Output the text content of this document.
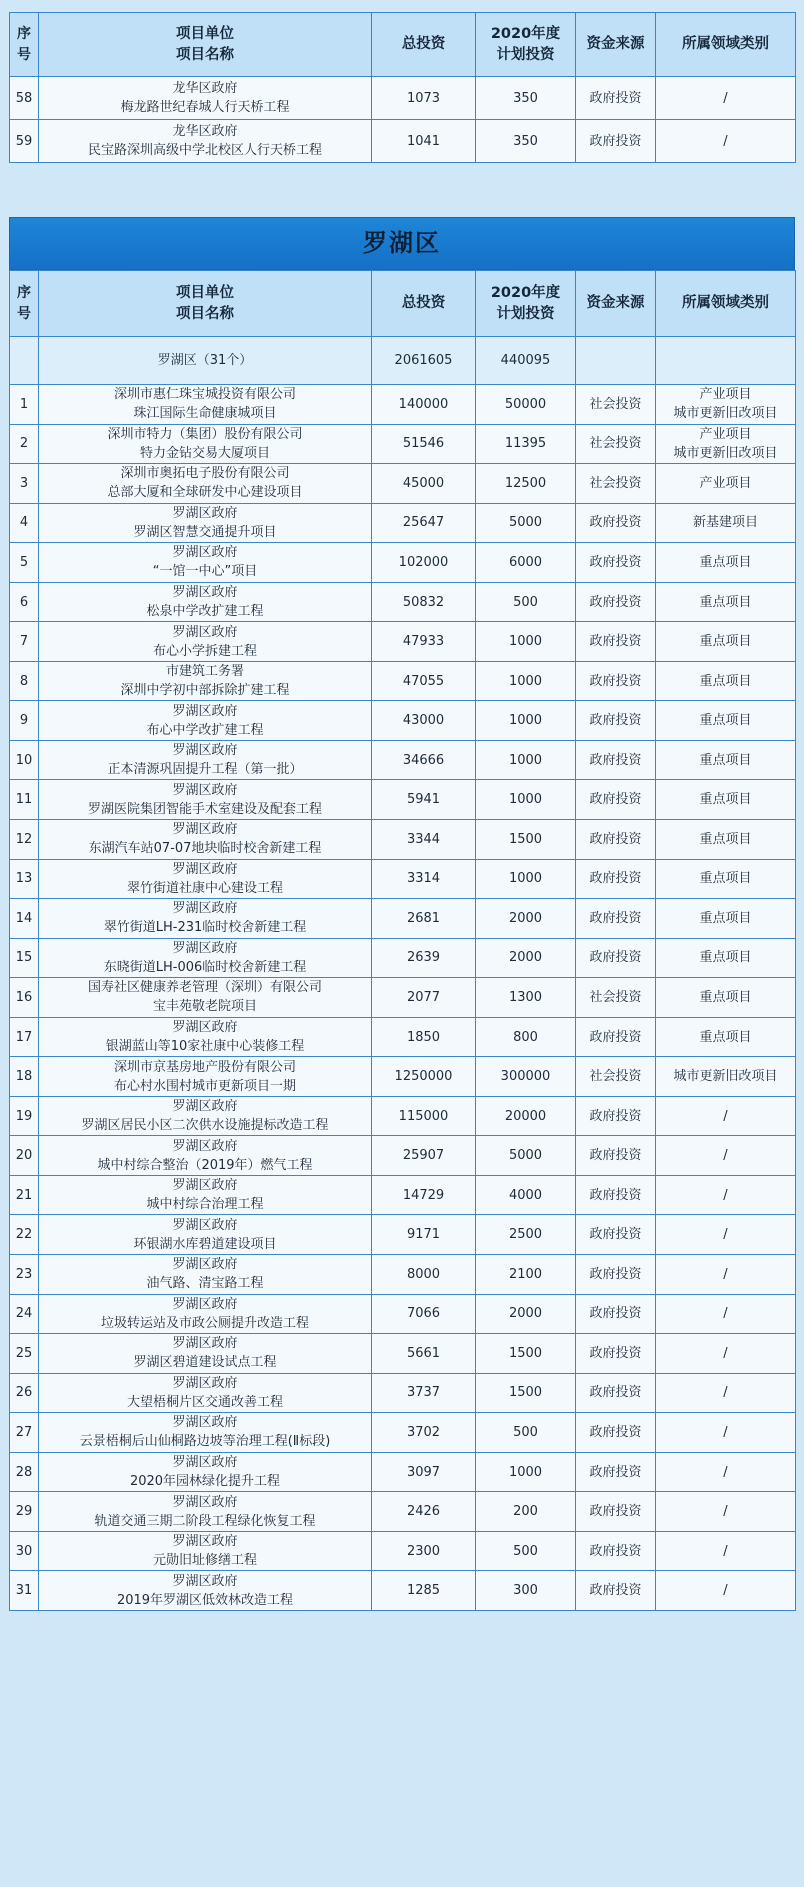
序号	项目单位
项目名称	总投资	2020年度
计划投资	资金来源	所属领域类别
58	龙华区政府
梅龙路世纪春城人行天桥工程	1073	350	政府投资	/

59	龙华区政府
民宝路深圳高级中学北校区人行天桥工程	1041	350	政府投资	/
罗湖区
序号	项目单位
项目名称	总投资	2020年度
计划投资	资金来源	所属领域类别
	罗湖区（31个）	2061605	440095		
1	深圳市惠仁珠宝城投资有限公司
珠江国际生命健康城项目	140000	50000	社会投资	产业项目
城市更新旧改项目

2	深圳市特力（集团）股份有限公司
特力金钻交易大厦项目	51546	11395	社会投资	产业项目
城市更新旧改项目

3	深圳市奥拓电子股份有限公司
总部大厦和全球研发中心建设项目	45000	12500	社会投资	产业项目

4	罗湖区政府
罗湖区智慧交通提升项目	25647	5000	政府投资	新基建项目

5	罗湖区政府
“一馆一中心”项目	102000	6000	政府投资	重点项目

6	罗湖区政府
松泉中学改扩建工程	50832	500	政府投资	重点项目

7	罗湖区政府
布心小学拆建工程	47933	1000	政府投资	重点项目

8	市建筑工务署
深圳中学初中部拆除扩建工程	47055	1000	政府投资	重点项目

9	罗湖区政府
布心中学改扩建工程	43000	1000	政府投资	重点项目

10	罗湖区政府
正本清源巩固提升工程（第一批）	34666	1000	政府投资	重点项目

11	罗湖区政府
罗湖医院集团智能手术室建设及配套工程	5941	1000	政府投资	重点项目

12	罗湖区政府
东湖汽车站07-07地块临时校舍新建工程	3344	1500	政府投资	重点项目

13	罗湖区政府
翠竹街道社康中心建设工程	3314	1000	政府投资	重点项目

14	罗湖区政府
翠竹街道LH-231临时校舍新建工程	2681	2000	政府投资	重点项目

15	罗湖区政府
东晓街道LH-006临时校舍新建工程	2639	2000	政府投资	重点项目

16	国寿社区健康养老管理（深圳）有限公司
宝丰苑敬老院项目	2077	1300	社会投资	重点项目

17	罗湖区政府
银湖蓝山等10家社康中心装修工程	1850	800	政府投资	重点项目

18	深圳市京基房地产股份有限公司
布心村水围村城市更新项目一期	1250000	300000	社会投资	城市更新旧改项目

19	罗湖区政府
罗湖区居民小区二次供水设施提标改造工程	115000	20000	政府投资	/

20	罗湖区政府
城中村综合整治（2019年）燃气工程	25907	5000	政府投资	/

21	罗湖区政府
城中村综合治理工程	14729	4000	政府投资	/

22	罗湖区政府
环银湖水库碧道建设项目	9171	2500	政府投资	/

23	罗湖区政府
油气路、清宝路工程	8000	2100	政府投资	/

24	罗湖区政府
垃圾转运站及市政公厕提升改造工程	7066	2000	政府投资	/

25	罗湖区政府
罗湖区碧道建设试点工程	5661	1500	政府投资	/

26	罗湖区政府
大望梧桐片区交通改善工程	3737	1500	政府投资	/

27	罗湖区政府
云景梧桐后山仙桐路边坡等治理工程(Ⅱ标段)	3702	500	政府投资	/

28	罗湖区政府
2020年园林绿化提升工程	3097	1000	政府投资	/

29	罗湖区政府
轨道交通三期二阶段工程绿化恢复工程	2426	200	政府投资	/

30	罗湖区政府
元勋旧址修缮工程	2300	500	政府投资	/

31	罗湖区政府
2019年罗湖区低效林改造工程	1285	300	政府投资	/
